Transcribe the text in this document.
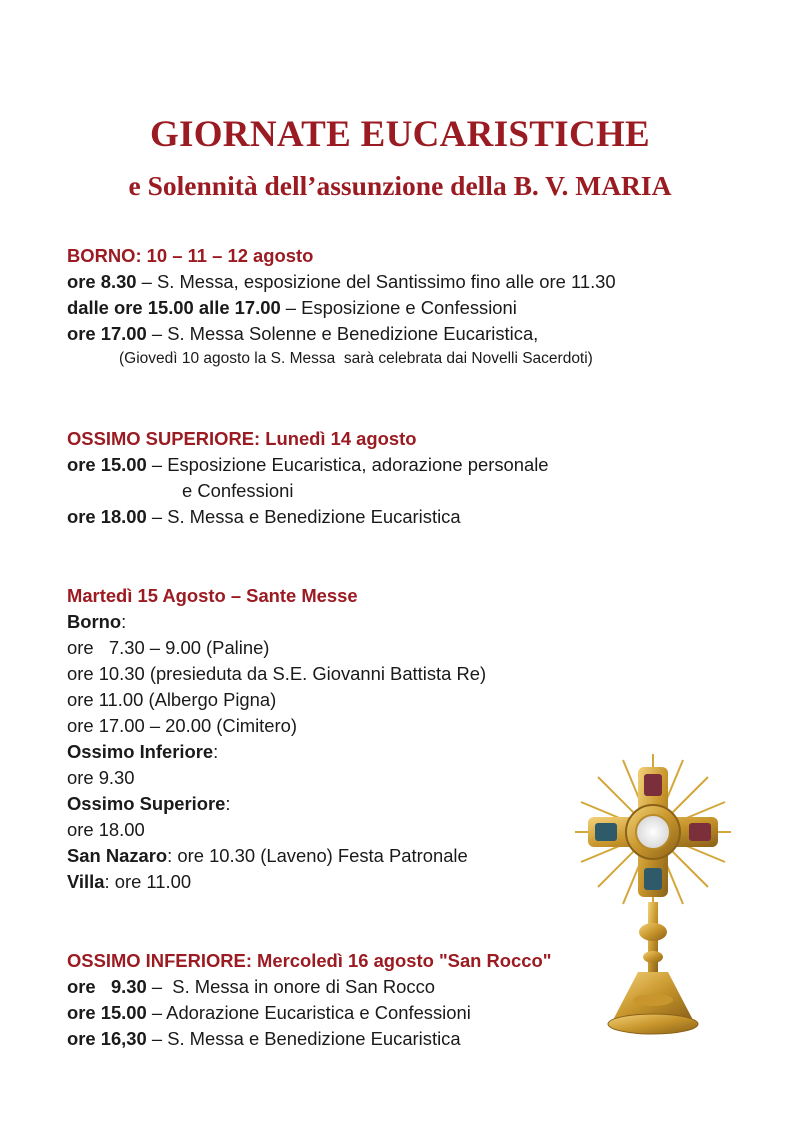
GIORNATE EUCARISTICHE
e Solennità dell’assunzione della B. V. MARIA
BORNO: 10 – 11 – 12 agosto
ore 8.30 – S. Messa, esposizione del Santissimo fino alle ore 11.30
dalle ore 15.00 alle 17.00 – Esposizione e Confessioni
ore 17.00 – S. Messa Solenne e Benedizione Eucaristica,
(Giovedì 10 agosto la S. Messa  sarà celebrata dai Novelli Sacerdoti)
OSSIMO SUPERIORE: Lunedì 14 agosto
ore 15.00 – Esposizione Eucaristica, adorazione personale
e Confessioni
ore 18.00 – S. Messa e Benedizione Eucaristica
Martedì 15 Agosto – Sante Messe
Borno:
ore   7.30 – 9.00 (Paline)
ore 10.30 (presieduta da S.E. Giovanni Battista Re)
ore 11.00 (Albergo Pigna)
ore 17.00 – 20.00 (Cimitero)
Ossimo Inferiore:
ore 9.30
Ossimo Superiore:
ore 18.00
San Nazaro: ore 10.30 (Laveno) Festa Patronale
Villa: ore 11.00
OSSIMO INFERIORE: Mercoledì 16 agosto "San Rocco"
ore   9.30 –  S. Messa in onore di San Rocco
ore 15.00 – Adorazione Eucaristica e Confessioni
ore 16,30 – S. Messa e Benedizione Eucaristica
